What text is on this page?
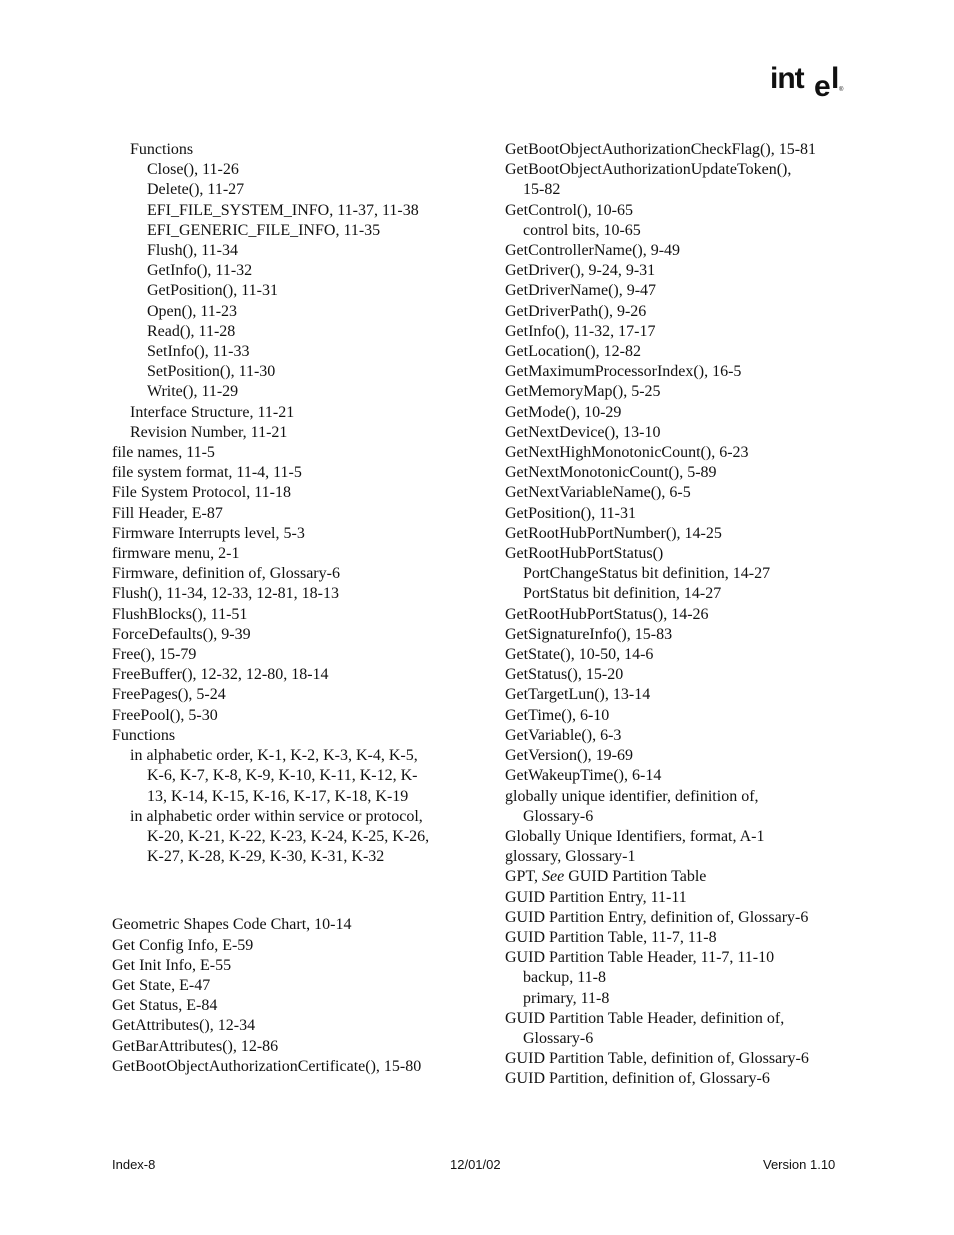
int e l ®
Functions
Close(), 11-26
Delete(), 11-27
EFI_FILE_SYSTEM_INFO, 11-37, 11-38
EFI_GENERIC_FILE_INFO, 11-35
Flush(), 11-34
GetInfo(), 11-32
GetPosition(), 11-31
Open(), 11-23
Read(), 11-28
SetInfo(), 11-33
SetPosition(), 11-30
Write(), 11-29
Interface Structure, 11-21
Revision Number, 11-21
file names, 11-5
file system format, 11-4, 11-5
File System Protocol, 11-18
Fill Header, E-87
Firmware Interrupts level, 5-3
firmware menu, 2-1
Firmware, definition of, Glossary-6
Flush(), 11-34, 12-33, 12-81, 18-13
FlushBlocks(), 11-51
ForceDefaults(), 9-39
Free(), 15-79
FreeBuffer(), 12-32, 12-80, 18-14
FreePages(), 5-24
FreePool(), 5-30
Functions
in alphabetic order, K-1, K-2, K-3, K-4, K-5,
K-6, K-7, K-8, K-9, K-10, K-11, K-12, K-
13, K-14, K-15, K-16, K-17, K-18, K-19
in alphabetic order within service or protocol,
K-20, K-21, K-22, K-23, K-24, K-25, K-26,
K-27, K-28, K-29, K-30, K-31, K-32
Geometric Shapes Code Chart, 10-14
Get Config Info, E-59
Get Init Info, E-55
Get State, E-47
Get Status, E-84
GetAttributes(), 12-34
GetBarAttributes(), 12-86
GetBootObjectAuthorizationCertificate(), 15-80
GetBootObjectAuthorizationCheckFlag(), 15-81
GetBootObjectAuthorizationUpdateToken(),
15-82
GetControl(), 10-65
control bits, 10-65
GetControllerName(), 9-49
GetDriver(), 9-24, 9-31
GetDriverName(), 9-47
GetDriverPath(), 9-26
GetInfo(), 11-32, 17-17
GetLocation(), 12-82
GetMaximumProcessorIndex(), 16-5
GetMemoryMap(), 5-25
GetMode(), 10-29
GetNextDevice(), 13-10
GetNextHighMonotonicCount(), 6-23
GetNextMonotonicCount(), 5-89
GetNextVariableName(), 6-5
GetPosition(), 11-31
GetRootHubPortNumber(), 14-25
GetRootHubPortStatus()
PortChangeStatus bit definition, 14-27
PortStatus bit definition, 14-27
GetRootHubPortStatus(), 14-26
GetSignatureInfo(), 15-83
GetState(), 10-50, 14-6
GetStatus(), 15-20
GetTargetLun(), 13-14
GetTime(), 6-10
GetVariable(), 6-3
GetVersion(), 19-69
GetWakeupTime(), 6-14
globally unique identifier, definition of,
Glossary-6
Globally Unique Identifiers, format, A-1
glossary, Glossary-1
GPT, See GUID Partition Table
GUID Partition Entry, 11-11
GUID Partition Entry, definition of, Glossary-6
GUID Partition Table, 11-7, 11-8
GUID Partition Table Header, 11-7, 11-10
backup, 11-8
primary, 11-8
GUID Partition Table Header, definition of,
Glossary-6
GUID Partition Table, definition of, Glossary-6
GUID Partition, definition of, Glossary-6
Index-8	12/01/02	Version 1.10
